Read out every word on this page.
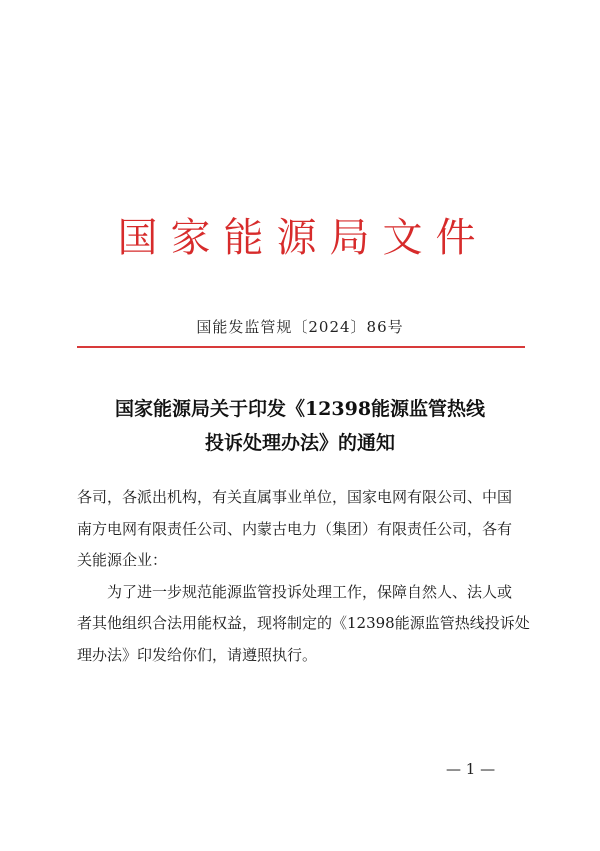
国家能源局文件
国能发监管规〔2024〕86号
国家能源局关于印发《12398能源监管热线
投诉处理办法》的通知
各司，各派出机构，有关直属事业单位，国家电网有限公司、中国
南方电网有限责任公司、内蒙古电力（集团）有限责任公司，各有
关能源企业：
为了进一步规范能源监管投诉处理工作，保障自然人、法人或
者其他组织合法用能权益，现将制定的《12398能源监管热线投诉处
理办法》印发给你们，请遵照执行。
— 1 —
